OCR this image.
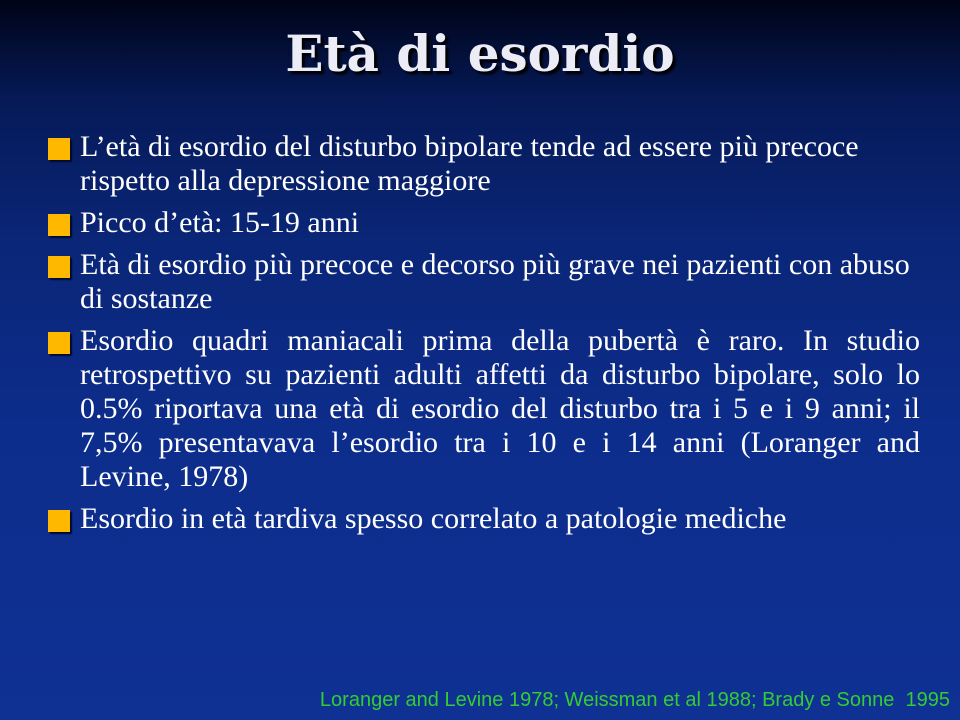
Età di esordio
L’età di esordio del disturbo bipolare tende ad essere più precoce rispetto alla depressione maggiore
Picco d’età: 15-19 anni
Età di esordio più precoce e decorso più grave nei pazienti con abuso di sostanze
Esordio quadri maniacali prima della pubertà è raro. In studio retrospettivo su pazienti adulti affetti da disturbo bipolare, solo lo 0.5% riportava una età di esordio del disturbo tra i 5 e i 9 anni; il 7,5% presentavava l’esordio tra i 10 e i 14 anni (Loranger and Levine, 1978)
Esordio in età tardiva spesso correlato a patologie mediche
Loranger and Levine 1978; Weissman et al 1988; Brady e Sonne  1995
